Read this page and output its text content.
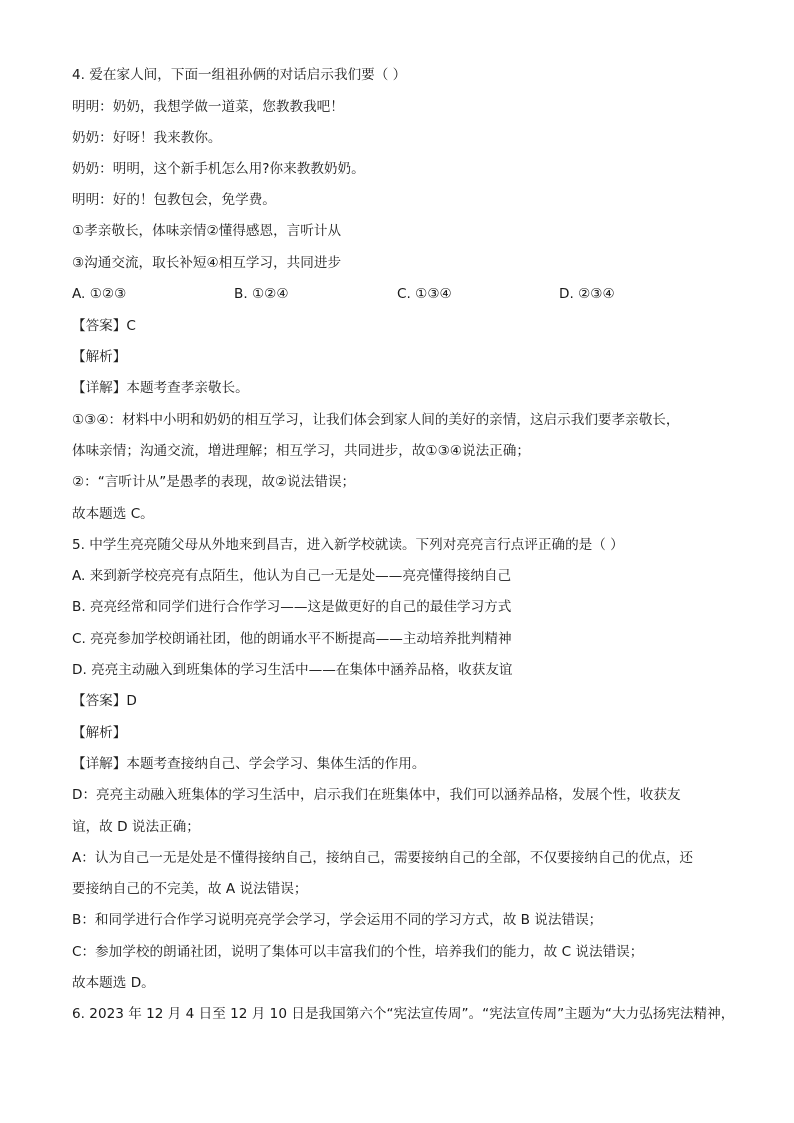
4. 爱在家人间，下面一组祖孙俩的对话启示我们要（ ）
明明：奶奶，我想学做一道菜，您教教我吧！
奶奶：好呀！我来教你。
奶奶：明明，这个新手机怎么用?你来教教奶奶。
明明：好的！包教包会，免学费。
①孝亲敬长，体味亲情②懂得感恩，言听计从
③沟通交流，取长补短④相互学习，共同进步
A. ①②③	B. ①②④	C. ①③④	D. ②③④
【答案】C
【解析】
【详解】本题考查孝亲敬长。
①③④：材料中小明和奶奶的相互学习，让我们体会到家人间的美好的亲情，这启示我们要孝亲敬长，
体味亲情；沟通交流，增进理解；相互学习，共同进步，故①③④说法正确；
②：“言听计从”是愚孝的表现，故②说法错误；
故本题选 C。
5. 中学生亮亮随父母从外地来到昌吉，进入新学校就读。下列对亮亮言行点评正确的是（ ）
A. 来到新学校亮亮有点陌生，他认为自己一无是处——亮亮懂得接纳自己
B. 亮亮经常和同学们进行合作学习——这是做更好的自己的最佳学习方式
C. 亮亮参加学校朗诵社团，他的朗诵水平不断提高——主动培养批判精神
D. 亮亮主动融入到班集体的学习生活中——在集体中涵养品格，收获友谊
【答案】D
【解析】
【详解】本题考查接纳自己、学会学习、集体生活的作用。
D：亮亮主动融入班集体的学习生活中，启示我们在班集体中，我们可以涵养品格，发展个性，收获友
谊，故 D 说法正确；
A：认为自己一无是处是不懂得接纳自己，接纳自己，需要接纳自己的全部，不仅要接纳自己的优点，还
要接纳自己的不完美，故 A 说法错误；
B：和同学进行合作学习说明亮亮学会学习，学会运用不同的学习方式，故 B 说法错误；
C：参加学校的朗诵社团，说明了集体可以丰富我们的个性，培养我们的能力，故 C 说法错误；
故本题选 D。
6. 2023 年 12 月 4 日至 12 月 10 日是我国第六个“宪法宣传周”。“宪法宣传周”主题为“大力弘扬宪法精神，
